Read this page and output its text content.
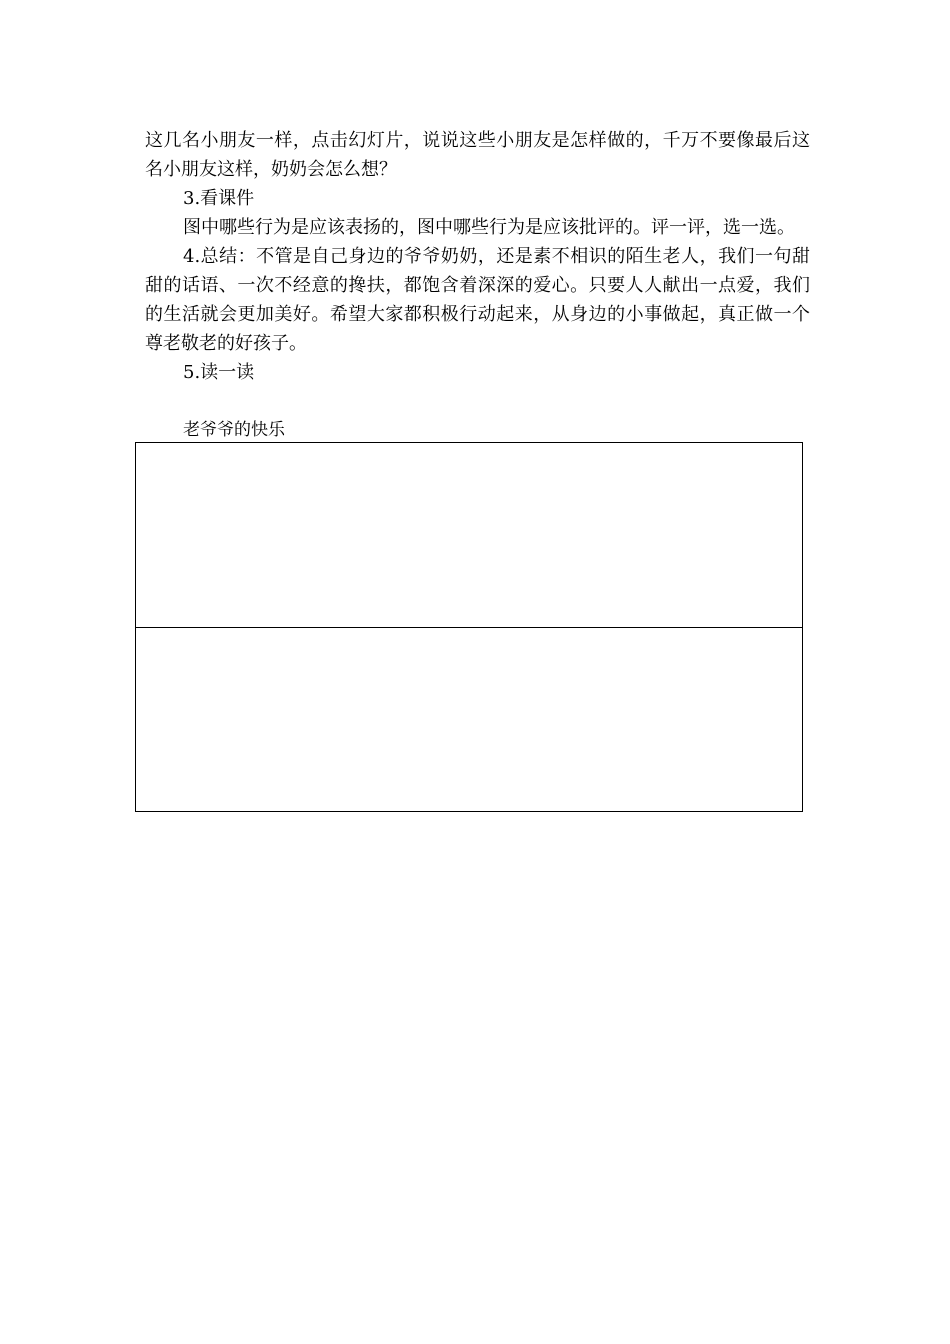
这几名小朋友一样，点击幻灯片，说说这些小朋友是怎样做的，千万不要像最后这名小朋友这样，奶奶会怎么想？

3.看课件

图中哪些行为是应该表扬的，图中哪些行为是应该批评的。评一评，选一选。

4.总结：不管是自己身边的爷爷奶奶，还是素不相识的陌生老人，我们一句甜甜的话语、一次不经意的搀扶，都饱含着深深的爱心。只要人人献出一点爱，我们的生活就会更加美好。希望大家都积极行动起来，从身边的小事做起，真正做一个尊老敬老的好孩子。

5.读一读

老爷爷的快乐
